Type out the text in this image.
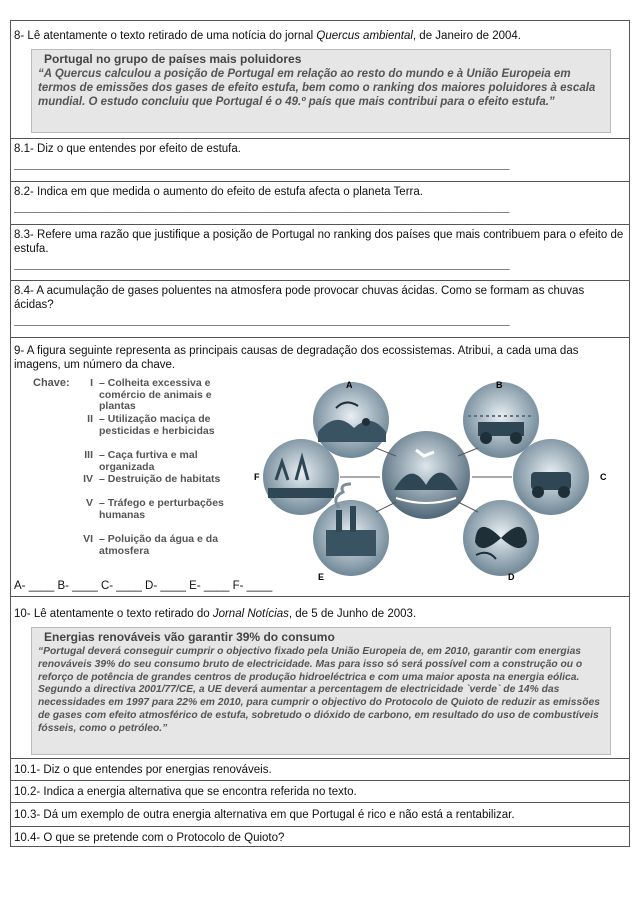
8- Lê atentamente o texto retirado de uma notícia do jornal Quercus ambiental, de Janeiro de 2004.
Portugal no grupo de países mais poluidores
“A Quercus calculou a posição de Portugal em relação ao resto do mundo e à União Europeia em termos de emissões dos gases de efeito estufa, bem como o ranking dos maiores poluidores à escala mundial. O estudo concluiu que Portugal é o 49.º país que mais contribui para o efeito estufa.”
8.1- Diz o que entendes por efeito de estufa.
_________________________________________________________________________________
8.2- Indica em que medida o aumento do efeito de estufa afecta o planeta Terra.
_________________________________________________________________________________
8.3- Refere uma razão que justifique a posição de Portugal no ranking dos países que mais contribuem para o efeito de estufa.
_________________________________________________________________________________
8.4- A acumulação de gases poluentes na atmosfera pode provocar chuvas ácidas. Como se formam as chuvas ácidas?
_________________________________________________________________________________
9- A figura seguinte representa as principais causas de degradação dos ecossistemas. Atribui, a cada uma das imagens, um número da chave.
Chave:	I – Colheita excessiva e comércio de animais e plantas
II – Utilização maciça de pesticidas e herbicidas
III – Caça furtiva e mal organizada
IV – Destruição de habitats
V – Tráfego e perturbações humanas
VI – Poluição da água e da atmosfera
A	B
C
D
E
F
A- ____ B- ____ C- ____ D- ____ E- ____ F- ____
10- Lê atentamente o texto retirado do Jornal Notícias, de 5 de Junho de 2003.
Energias renováveis vão garantir 39% do consumo
“Portugal deverá conseguir cumprir o objectivo fixado pela União Europeia de, em 2010, garantir com energias renováveis 39% do seu consumo bruto de electricidade. Mas para isso só será possível com a construção ou o reforço de potência de grandes centros de produção hidroeléctrica e com uma maior aposta na energia eólica. Segundo a directiva 2001/77/CE, a UE deverá aumentar a percentagem de electricidade `verde` de 14% das necessidades em 1997 para 22% em 2010, para cumprir o objectivo do Protocolo de Quioto de reduzir as emissões de gases com efeito atmosférico de estufa, sobretudo o dióxido de carbono, em resultado do uso de combustíveis fósseis, como o petróleo.”
10.1- Diz o que entendes por energias renováveis.
10.2- Indica a energia alternativa que se encontra referida no texto.
10.3- Dá um exemplo de outra energia alternativa em que Portugal é rico e não está a rentabilizar.
10.4- O que se pretende com o Protocolo de Quioto?
